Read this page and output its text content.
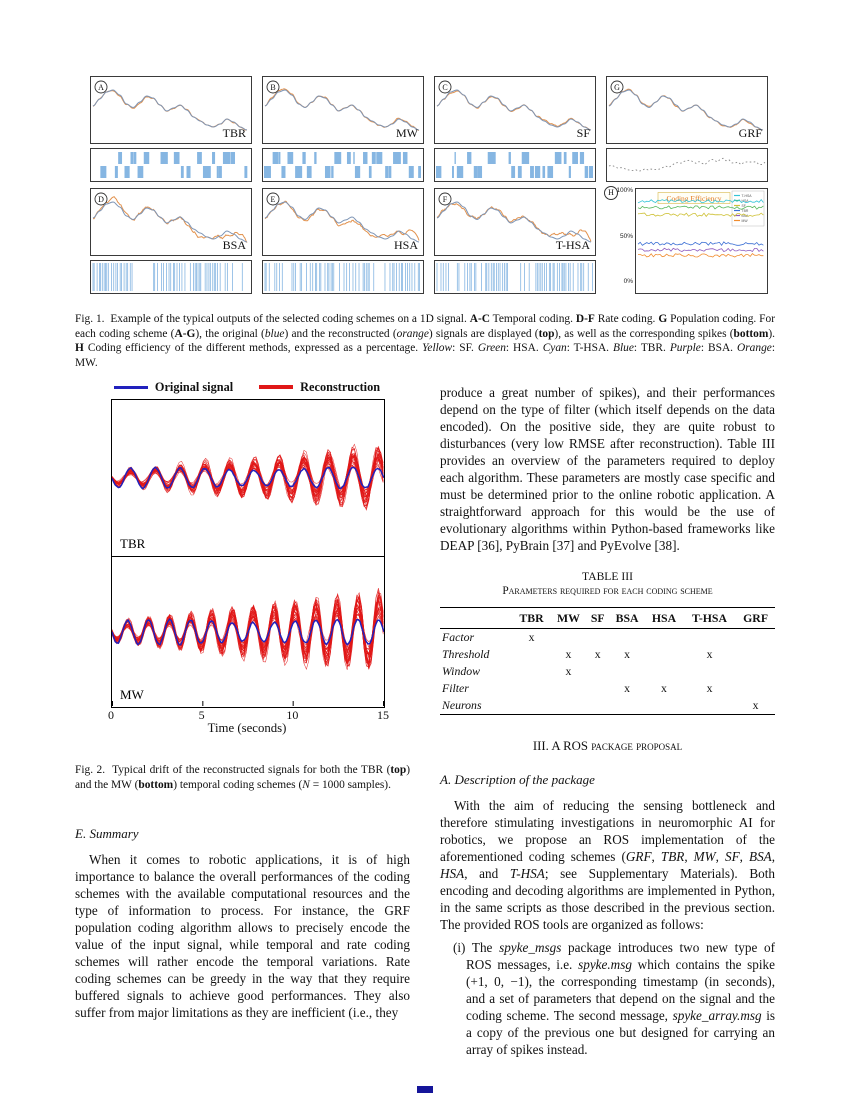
A
TBR
B
MW
C
SF
G
GRF
D
BSA
E
HSA
F
T-HSA
H 100%
50%
0%
Coding Efficiency	T-HSA
HSA
SF
TBR
BSA
MW
Fig. 1.  Example of the typical outputs of the selected coding schemes on a 1D signal. A-C Temporal coding. D-F Rate coding. G Population coding. For each coding scheme (A-G), the original (blue) and the reconstructed (orange) signals are displayed (top), as well as the corresponding spikes (bottom). H Coding efficiency of the different methods, expressed as a percentage. Yellow: SF. Green: HSA. Cyan: T-HSA. Blue: TBR. Purple: BSA. Orange: MW.
Original signal	Reconstruction
TBR
MW
0	5	10	15
Time (seconds)
Fig. 2.  Typical drift of the reconstructed signals for both the TBR (top) and the MW (bottom) temporal coding schemes (N = 1000 samples).
E. Summary

When it comes to robotic applications, it is of high importance to balance the overall performances of the coding schemes with the available computational resources and the type of information to process. For instance, the GRF population coding algorithm allows to precisely encode the value of the input signal, while temporal and rate coding schemes will rather encode the temporal variations. Rate coding schemes can be greedy in the way that they require buffered signals to achieve good performances. They also suffer from major limitations as they are inefficient (i.e., they

produce a great number of spikes), and their performances depend on the type of filter (which itself depends on the data encoded). On the positive side, they are quite robust to disturbances (very low RMSE after reconstruction). Table III provides an overview of the parameters required to deploy each algorithm. These parameters are mostly case specific and must be determined prior to the online robotic application. A straightforward approach for this would be the use of evolutionary algorithms within Python-based frameworks like DEAP [36], PyBrain [37] and PyEvolve [38].

TABLE III
Parameters required for each coding scheme
	TBR	MW	SF	BSA	HSA	T-HSA	GRF
Factor	x						
Threshold		x	x	x		x	
Window		x					
Filter				x	x	x	
Neurons							x
III. A ROS package proposal
A. Description of the package

With the aim of reducing the sensing bottleneck and therefore stimulating investigations in neuromorphic AI for robotics, we propose an ROS implementation of the aforementioned coding schemes (GRF, TBR, MW, SF, BSA, HSA, and T-HSA; see Supplementary Materials). Both encoding and decoding algorithms are implemented in Python, in the same scripts as those described in the previous section. The provided ROS tools are organized as follows:

(i) The spyke_msgs package introduces two new type of ROS messages, i.e. spyke.msg which contains the spike (+1, 0, −1), the corresponding timestamp (in seconds), and a set of parameters that depend on the signal and the coding scheme. The second message, spyke_array.msg is a copy of the previous one but designed for carrying an array of spikes instead.
